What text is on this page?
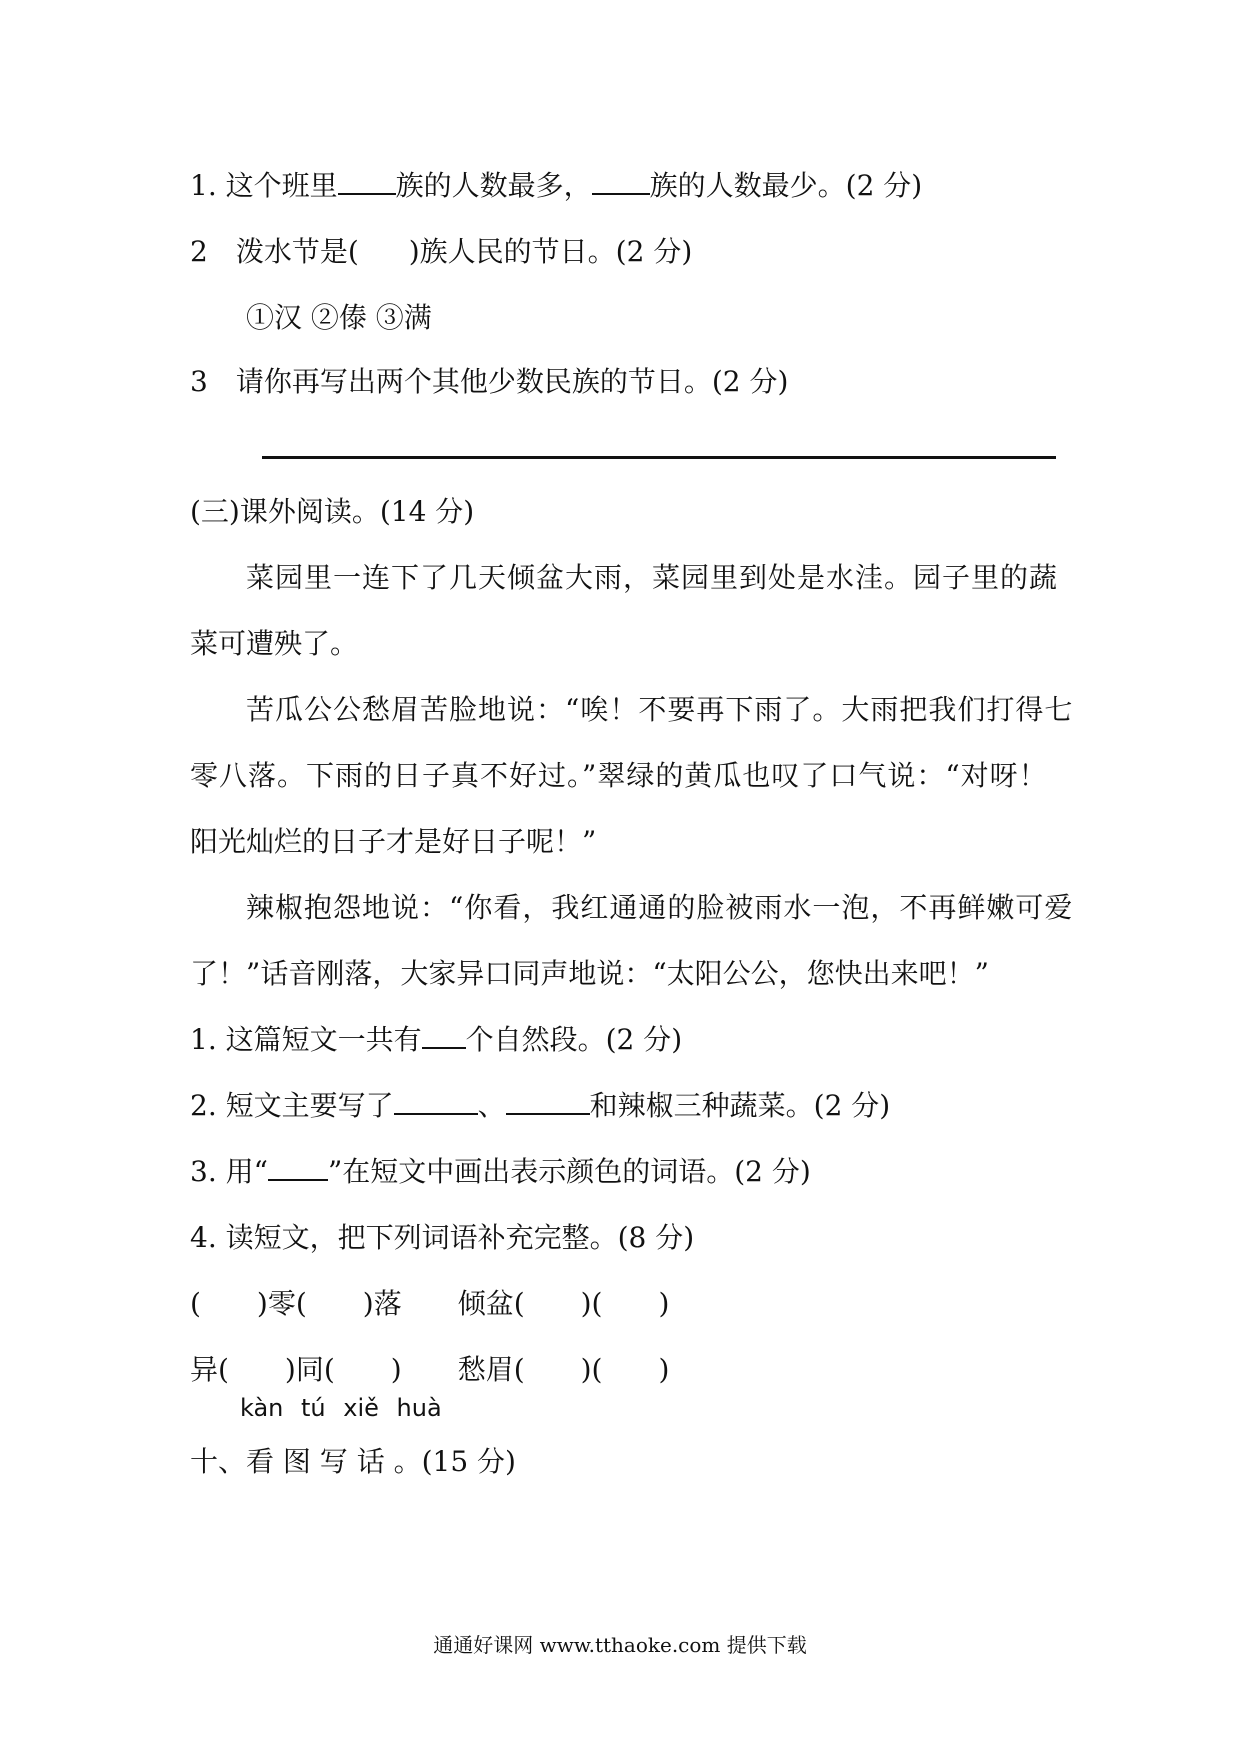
1. 这个班里 族的人数最多， 族的人数最少。(2 分)
2　泼水节是( )族人民的节日。(2 分)
①汉 ②傣 ③满
3　请你再写出两个其他少数民族的节日。(2 分)
(三)课外阅读。(14 分)
菜园里一连下了几天倾盆大雨，菜园里到处是水洼。园子里的蔬
菜可遭殃了。
苦瓜公公愁眉苦脸地说：“唉！不要再下雨了。大雨把我们打得七
零八落。下雨的日子真不好过。”翠绿的黄瓜也叹了口气说：“对呀！
阳光灿烂的日子才是好日子呢！”
辣椒抱怨地说：“你看，我红通通的脸被雨水一泡，不再鲜嫩可爱
了！”话音刚落，大家异口同声地说：“太阳公公，您快出来吧！”
1. 这篇短文一共有 个自然段。(2 分)
2. 短文主要写了	、	和辣椒三种蔬菜。(2 分)
3. 用“ ”在短文中画出表示颜色的词语。(2 分)
4. 读短文，把下列词语补充完整。(8 分)
(　　)零(　　)落　　倾盆(　　)(　　)
异(　　)同(　　)　　愁眉(　　)(　　)
kàn tú xiě huà
十、看 图 写 话 。(15 分)
通通好课网 www.tthaoke.com 提供下载
